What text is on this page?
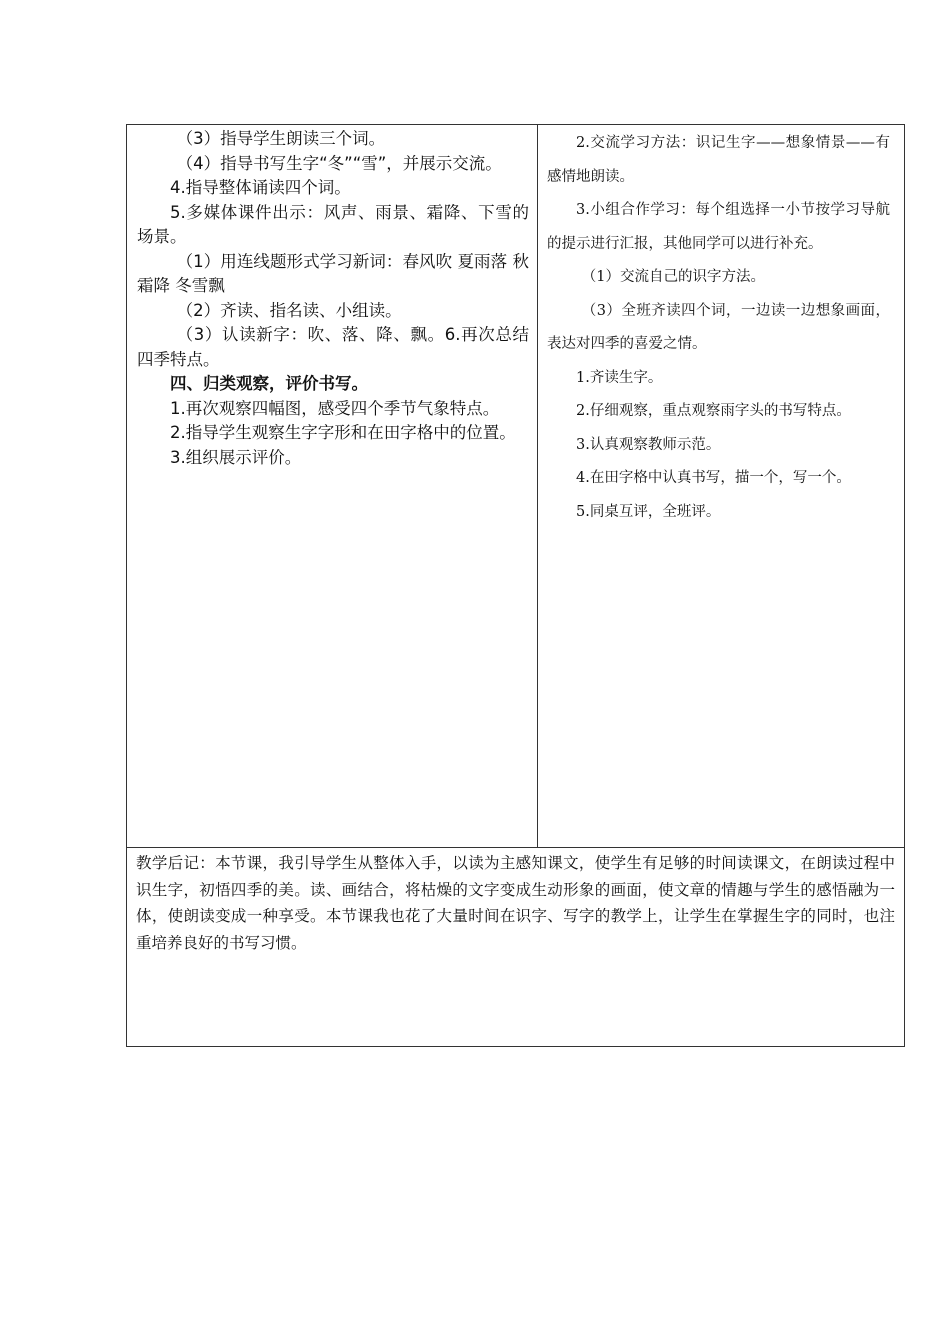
（3）指导学生朗读三个词。

（4）指导书写生字“冬”“雪”，并展示交流。

4.指导整体诵读四个词。

5.多媒体课件出示：风声、雨景、霜降、下雪的场景。

（1）用连线题形式学习新词：春风吹 夏雨落 秋霜降 冬雪飘

（2）齐读、指名读、小组读。

（3）认读新字：吹、落、降、飘。6.再次总结四季特点。

四、归类观察，评价书写。

1.再次观察四幅图，感受四个季节气象特点。

2.指导学生观察生字字形和在田字格中的位置。

3.组织展示评价。

2.交流学习方法：识记生字——想象情景——有感情地朗读。

3.小组合作学习：每个组选择一小节按学习导航的提示进行汇报，其他同学可以进行补充。

（1）交流自己的识字方法。

（3）全班齐读四个词，一边读一边想象画面，表达对四季的喜爱之情。

1.齐读生字。

2.仔细观察，重点观察雨字头的书写特点。

3.认真观察教师示范。

4.在田字格中认真书写，描一个，写一个。

5.同桌互评，全班评。

教学后记：本节课，我引导学生从整体入手，以读为主感知课文，使学生有足够的时间读课文，在朗读过程中识生字，初悟四季的美。读、画结合，将枯燥的文字变成生动形象的画面，使文章的情趣与学生的感悟融为一体，使朗读变成一种享受。本节课我也花了大量时间在识字、写字的教学上，让学生在掌握生字的同时，也注重培养良好的书写习惯。
